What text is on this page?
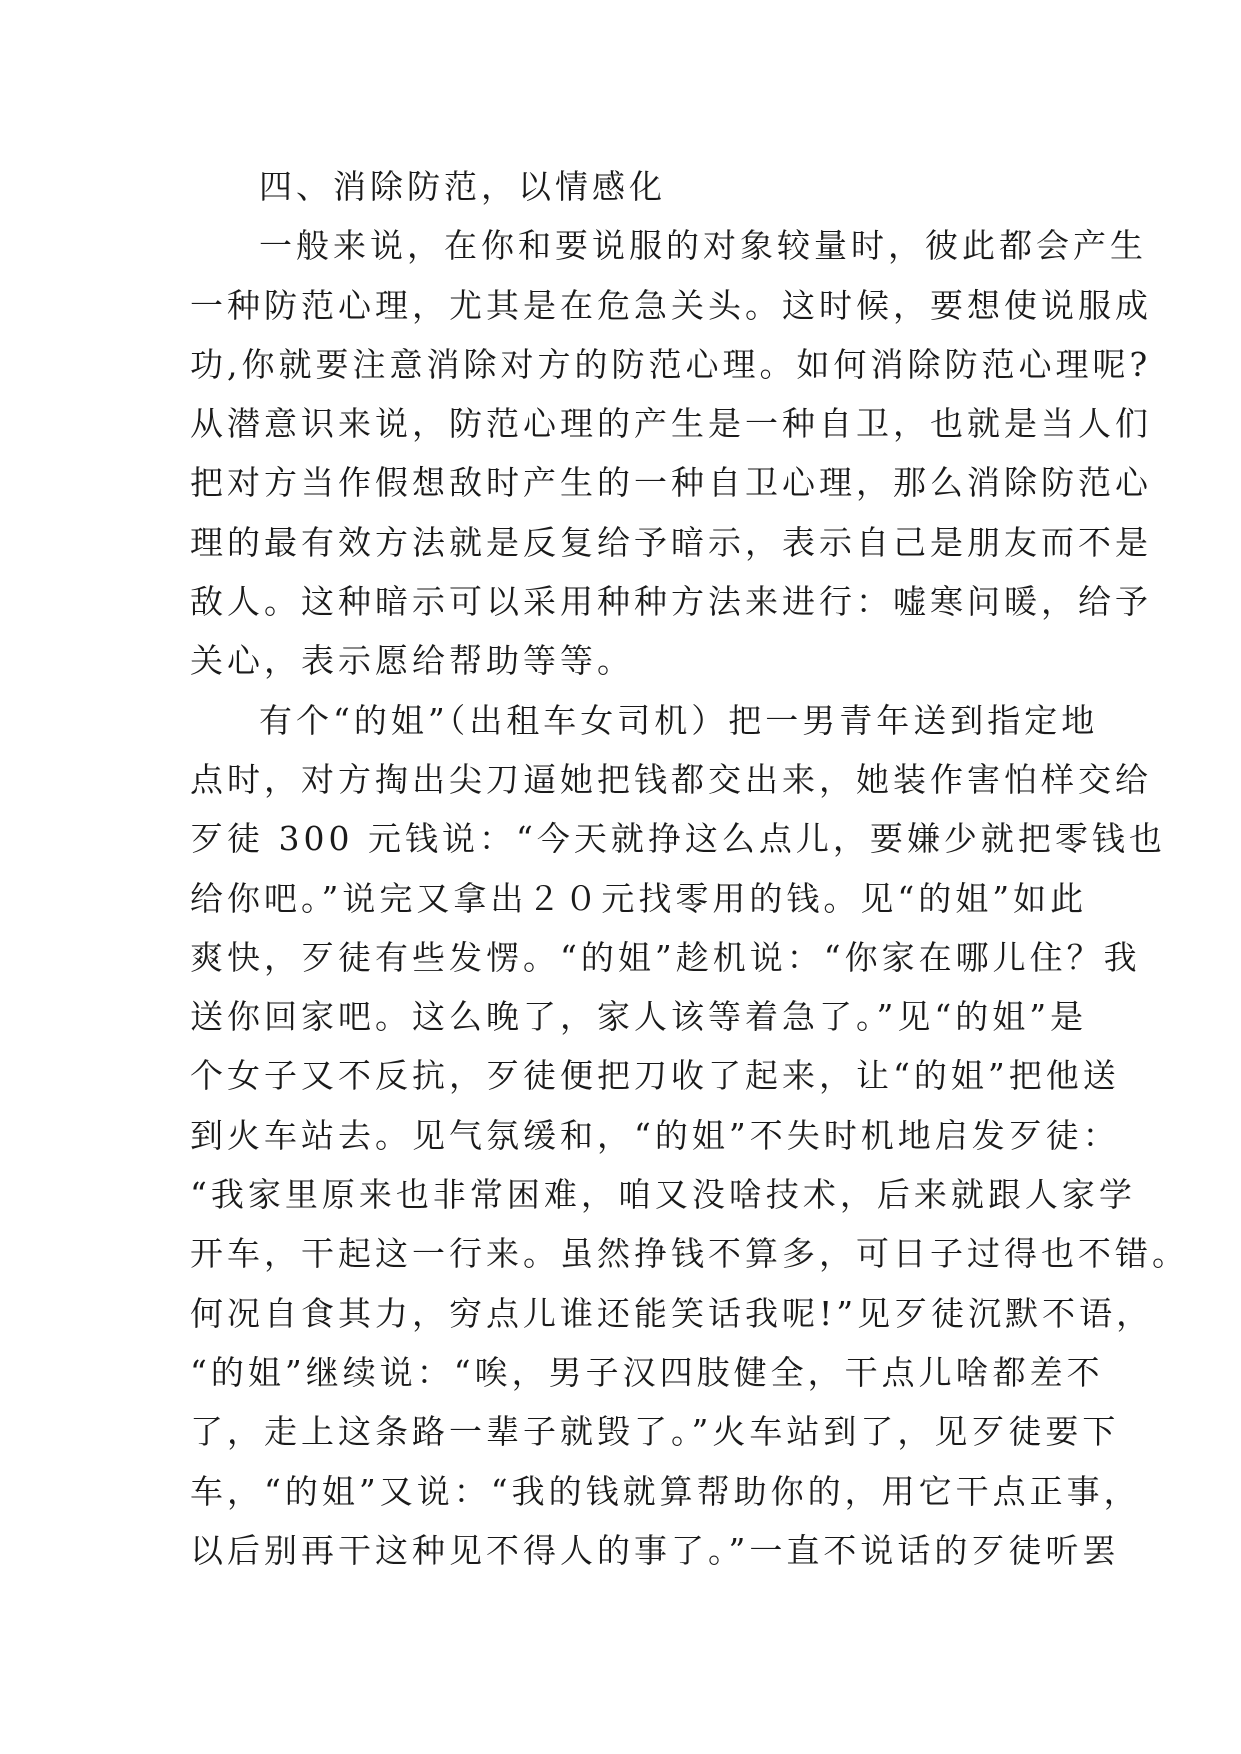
四、消除防范，以情感化
一般来说，在你和要说服的对象较量时，彼此都会产生
一种防范心理，尤其是在危急关头。这时候，要想使说服成
功,你就要注意消除对方的防范心理。如何消除防范心理呢?
从潜意识来说，防范心理的产生是一种自卫，也就是当人们
把对方当作假想敌时产生的一种自卫心理，那么消除防范心
理的最有效方法就是反复给予暗示，表示自己是朋友而不是
敌人。这种暗示可以采用种种方法来进行：嘘寒问暖，给予
关心，表示愿给帮助等等。
有个“的姐”（出租车女司机）把一男青年送到指定地
点时，对方掏出尖刀逼她把钱都交出来，她装作害怕样交给
歹徒 300 元钱说：“今天就挣这么点儿，要嫌少就把零钱也
给你吧。”说完又拿出２０元找零用的钱。见“的姐”如此
爽快，歹徒有些发愣。“的姐”趁机说：“你家在哪儿住？我
送你回家吧。这么晚了，家人该等着急了。”见“的姐”是
个女子又不反抗，歹徒便把刀收了起来，让“的姐”把他送
到火车站去。见气氛缓和，“的姐”不失时机地启发歹徒：
“我家里原来也非常困难，咱又没啥技术，后来就跟人家学
开车，干起这一行来。虽然挣钱不算多，可日子过得也不错。
何况自食其力，穷点儿谁还能笑话我呢!”见歹徒沉默不语，
“的姐”继续说：“唉，男子汉四肢健全，干点儿啥都差不
了，走上这条路一辈子就毁了。”火车站到了，见歹徒要下
车，“的姐”又说：“我的钱就算帮助你的，用它干点正事，
以后别再干这种见不得人的事了。”一直不说话的歹徒听罢
